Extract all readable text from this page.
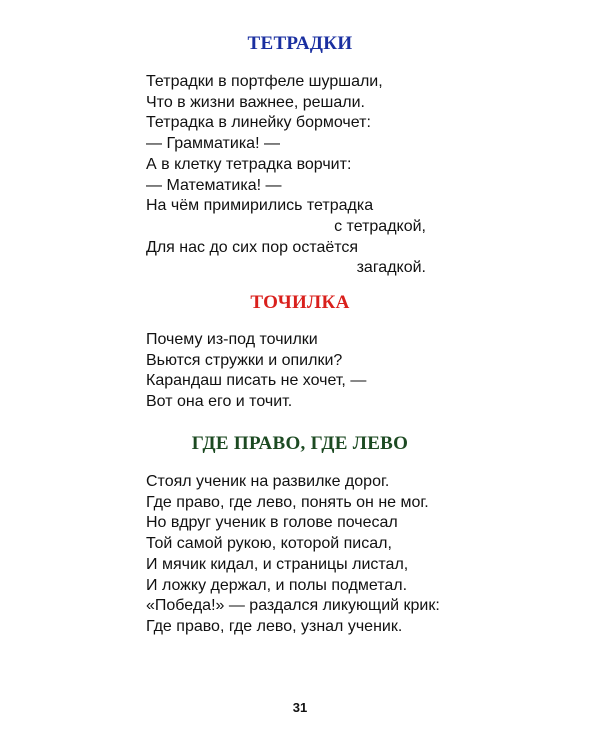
ТЕТРАДКИ
Тетрадки в портфеле шуршали,
Что в жизни важнее, решали.
Тетрадка в линейку бормочет:
— Грамматика! —
А в клетку тетрадка ворчит:
— Математика! —
На чём примирились тетрадка
с тетрадкой,
Для нас до сих пор остаётся
загадкой.
ТОЧИЛКА
Почему из-под точилки
Вьются стружки и опилки?
Карандаш писать не хочет, —
Вот она его и точит.
ГДЕ ПРАВО, ГДЕ ЛЕВО
Стоял ученик на развилке дорог.
Где право, где лево, понять он не мог.
Но вдруг ученик в голове почесал
Той самой рукою, которой писал,
И мячик кидал, и страницы листал,
И ложку держал, и полы подметал.
«Победа!» — раздался ликующий крик:
Где право, где лево, узнал ученик.
31
